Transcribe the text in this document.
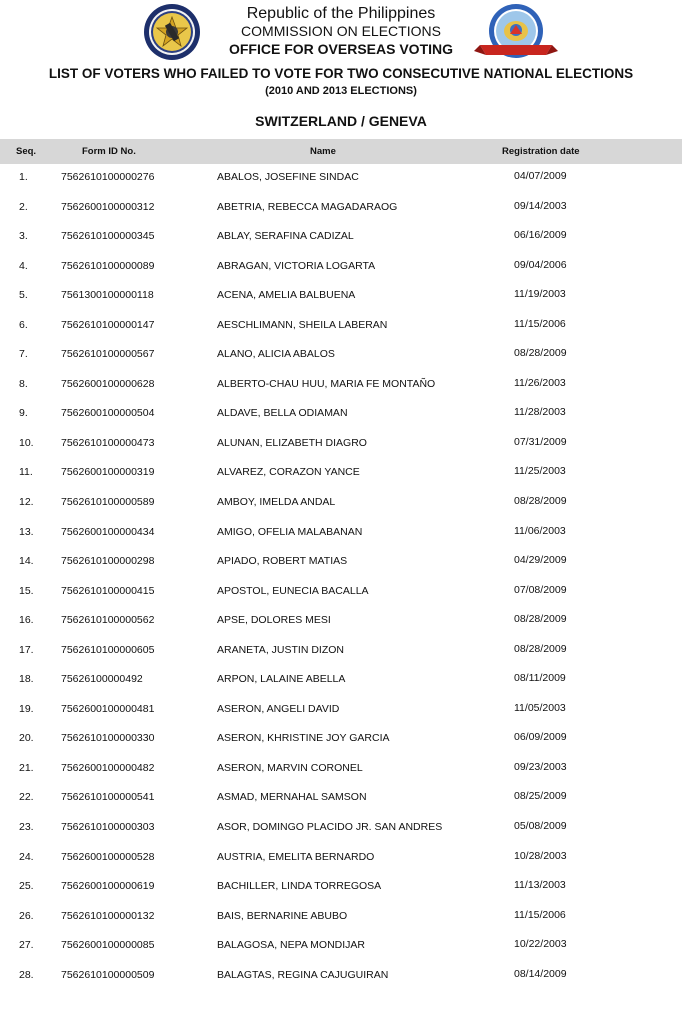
Republic of the Philippines
COMMISSION ON ELECTIONS
OFFICE FOR OVERSEAS VOTING
LIST OF VOTERS WHO FAILED TO VOTE FOR TWO CONSECUTIVE NATIONAL ELECTIONS
(2010 AND 2013 ELECTIONS)
SWITZERLAND / GENEVA
Seq.	Form ID No.	Name	Registration date
1.	7562610100000276	ABALOS, JOSEFINE SINDAC	04/07/2009
2.	7562600100000312	ABETRIA, REBECCA MAGADARAOG	09/14/2003
3.	7562610100000345	ABLAY, SERAFINA CADIZAL	06/16/2009
4.	7562610100000089	ABRAGAN, VICTORIA LOGARTA	09/04/2006
5.	7561300100000118	ACENA, AMELIA BALBUENA	11/19/2003
6.	7562610100000147	AESCHLIMANN, SHEILA LABERAN	11/15/2006
7.	7562610100000567	ALANO, ALICIA ABALOS	08/28/2009
8.	7562600100000628	ALBERTO-CHAU HUU, MARIA FE MONTAÑO	11/26/2003
9.	7562600100000504	ALDAVE, BELLA ODIAMAN	11/28/2003
10.	7562610100000473	ALUNAN, ELIZABETH DIAGRO	07/31/2009
11.	7562600100000319	ALVAREZ, CORAZON YANCE	11/25/2003
12.	7562610100000589	AMBOY, IMELDA ANDAL	08/28/2009
13.	7562600100000434	AMIGO, OFELIA MALABANAN	11/06/2003
14.	7562610100000298	APIADO, ROBERT MATIAS	04/29/2009
15.	7562610100000415	APOSTOL, EUNECIA BACALLA	07/08/2009
16.	7562610100000562	APSE, DOLORES MESI	08/28/2009
17.	7562610100000605	ARANETA, JUSTIN DIZON	08/28/2009
18.	75626100000492	ARPON, LALAINE ABELLA	08/11/2009
19.	7562600100000481	ASERON, ANGELI DAVID	11/05/2003
20.	7562610100000330	ASERON, KHRISTINE JOY GARCIA	06/09/2009
21.	7562600100000482	ASERON, MARVIN CORONEL	09/23/2003
22.	7562610100000541	ASMAD, MERNAHAL SAMSON	08/25/2009
23.	7562610100000303	ASOR, DOMINGO PLACIDO JR. SAN ANDRES	05/08/2009
24.	7562600100000528	AUSTRIA, EMELITA BERNARDO	10/28/2003
25.	7562600100000619	BACHILLER, LINDA TORREGOSA	11/13/2003
26.	7562610100000132	BAIS, BERNARINE ABUBO	11/15/2006
27.	7562600100000085	BALAGOSA, NEPA MONDIJAR	10/22/2003
28.	7562610100000509	BALAGTAS, REGINA CAJUGUIRAN	08/14/2009
